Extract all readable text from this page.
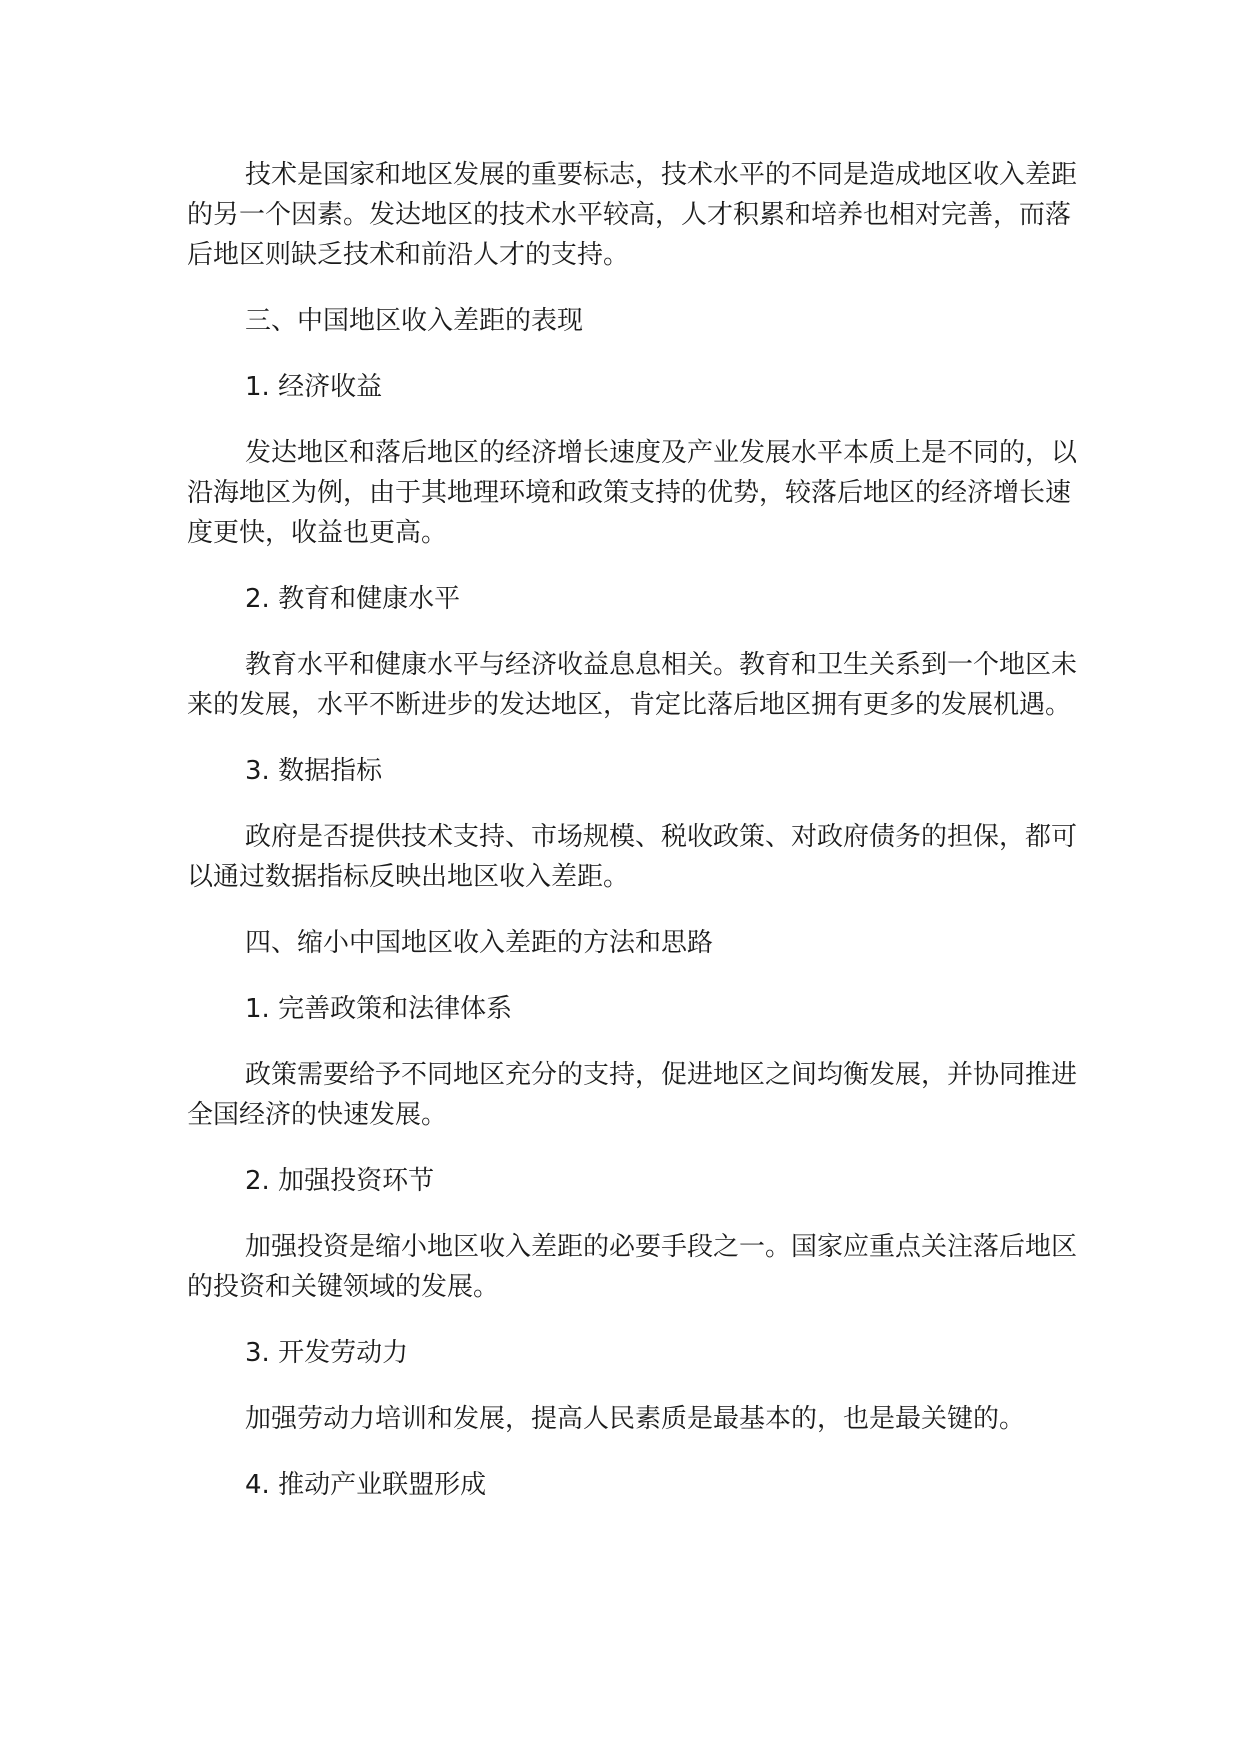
技术是国家和地区发展的重要标志，技术水平的不同是造成地区收入差距的另一个因素。发达地区的技术水平较高，人才积累和培养也相对完善，而落后地区则缺乏技术和前沿人才的支持。

三、中国地区收入差距的表现

1. 经济收益

发达地区和落后地区的经济增长速度及产业发展水平本质上是不同的，以沿海地区为例，由于其地理环境和政策支持的优势，较落后地区的经济增长速度更快，收益也更高。

2. 教育和健康水平

教育水平和健康水平与经济收益息息相关。教育和卫生关系到一个地区未来的发展，水平不断进步的发达地区，肯定比落后地区拥有更多的发展机遇。

3. 数据指标

政府是否提供技术支持、市场规模、税收政策、对政府债务的担保，都可以通过数据指标反映出地区收入差距。

四、缩小中国地区收入差距的方法和思路

1. 完善政策和法律体系

政策需要给予不同地区充分的支持，促进地区之间均衡发展，并协同推进全国经济的快速发展。

2. 加强投资环节

加强投资是缩小地区收入差距的必要手段之一。国家应重点关注落后地区的投资和关键领域的发展。

3. 开发劳动力

加强劳动力培训和发展，提高人民素质是最基本的，也是最关键的。

4. 推动产业联盟形成
